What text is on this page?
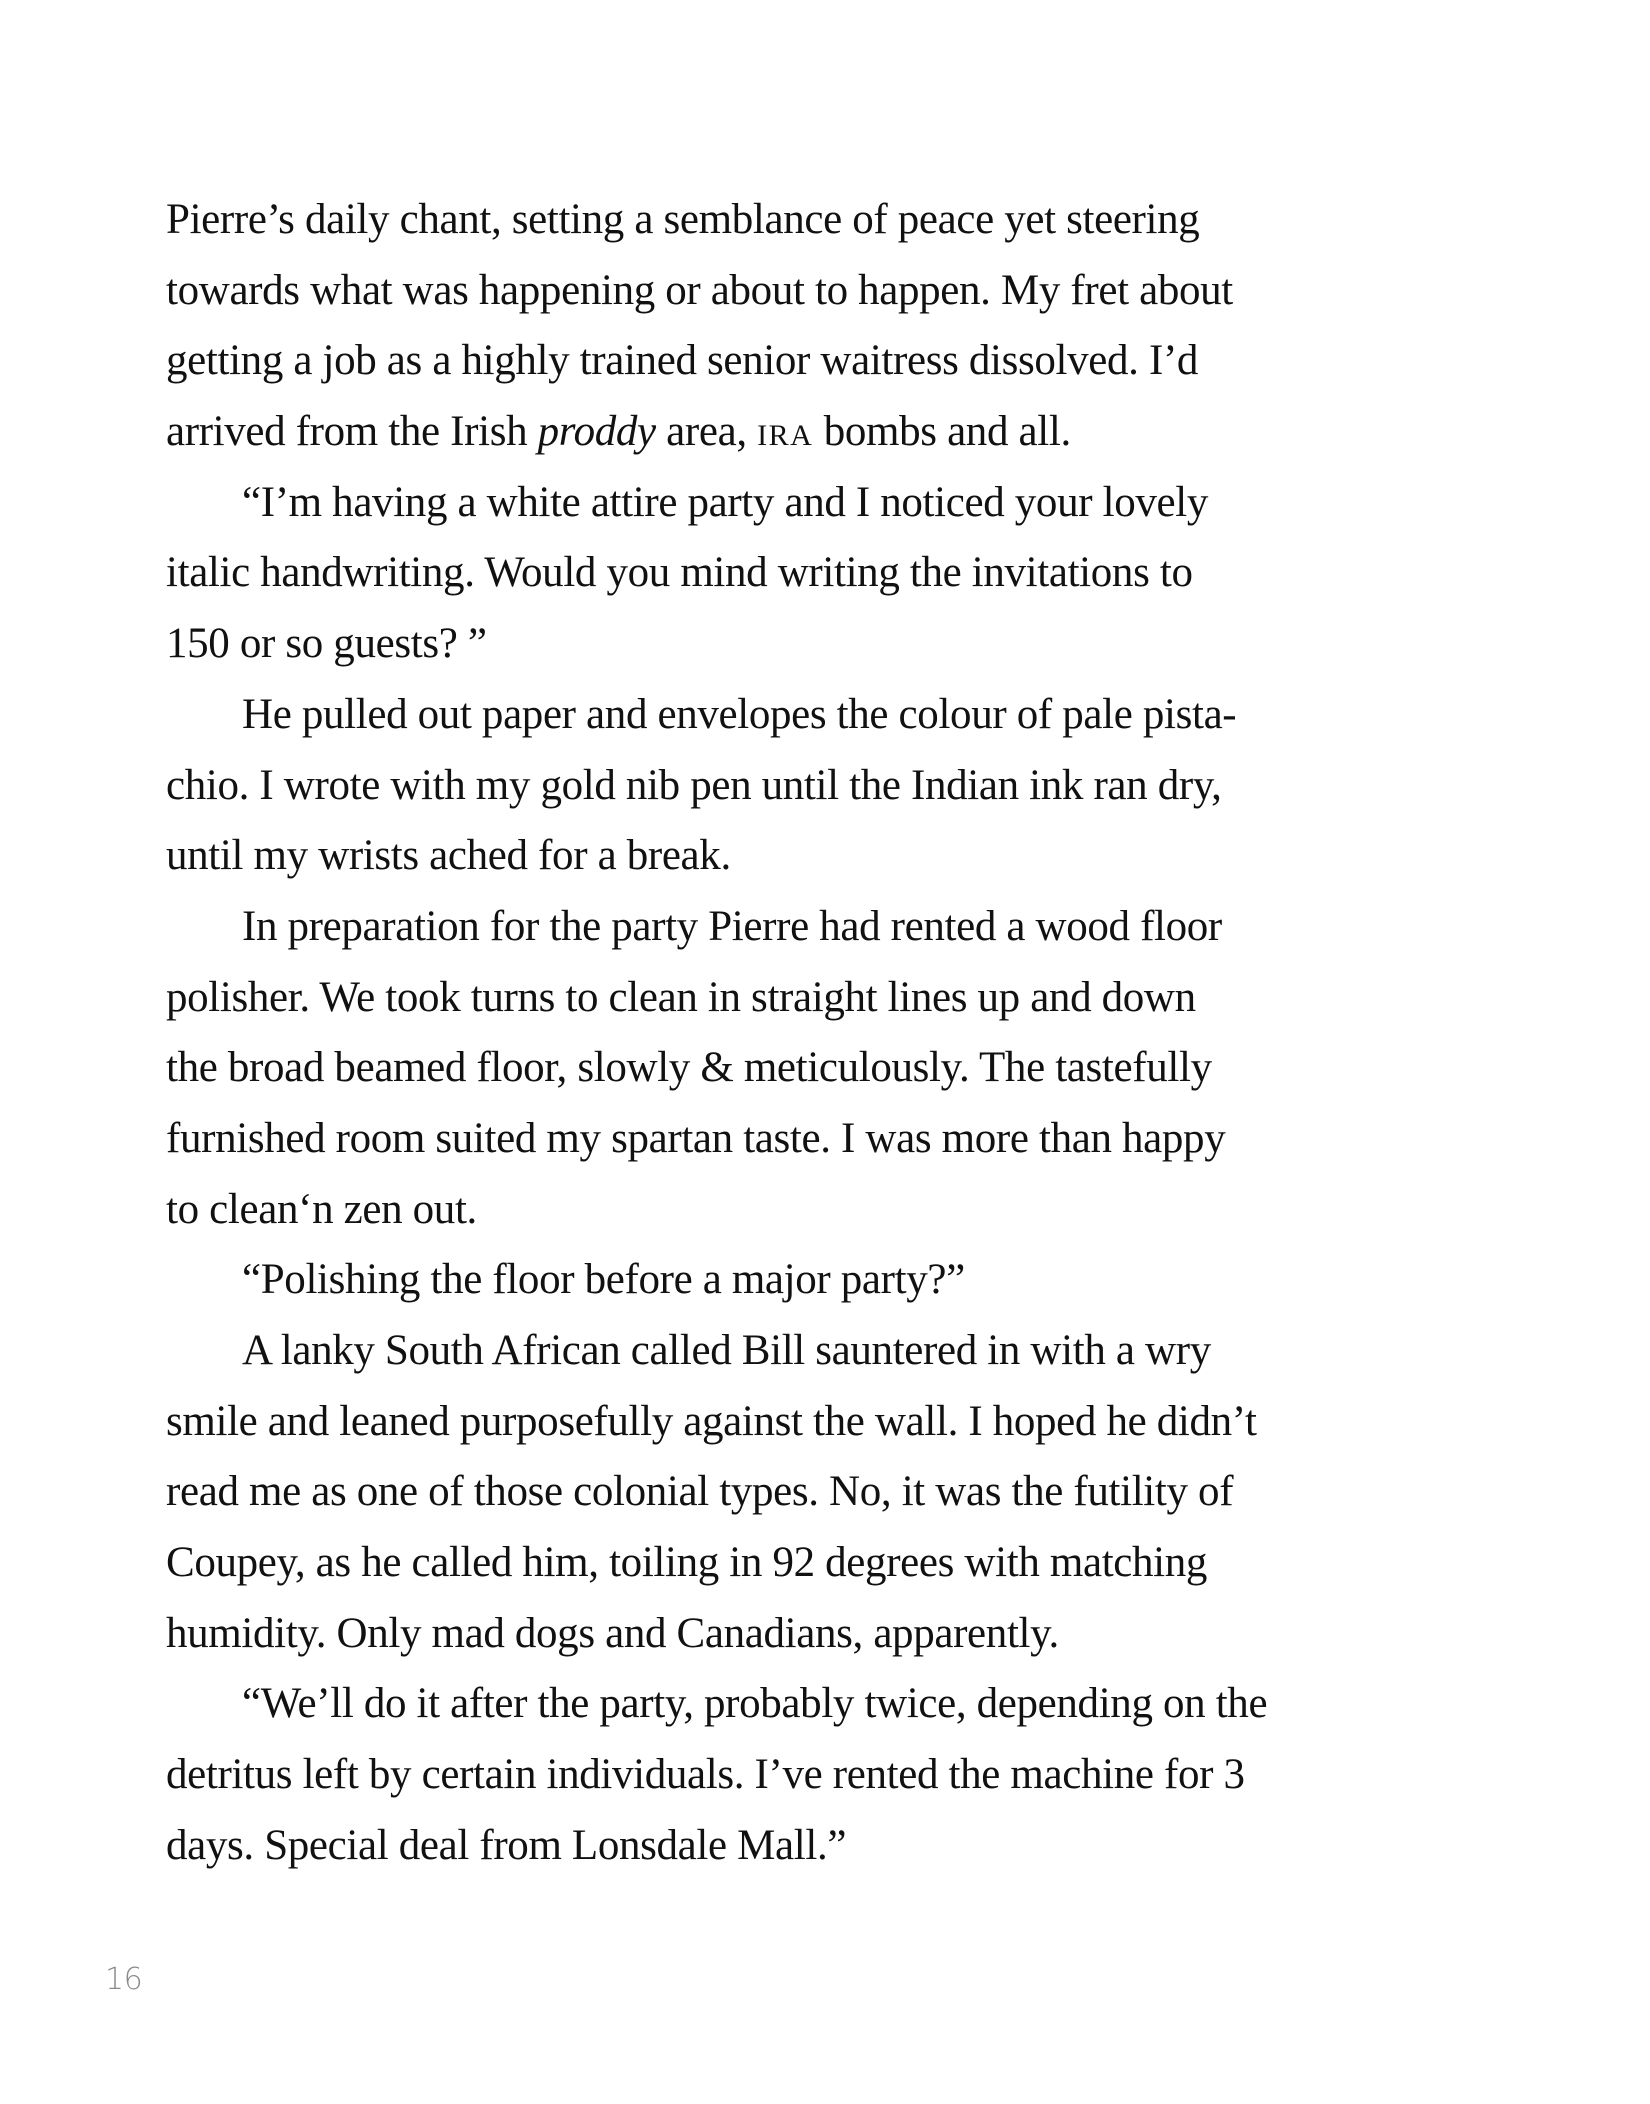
Pierre’s daily chant, setting a semblance of peace yet steering
towards what was happening or about to happen. My fret about
getting a job as a highly trained senior waitress dissolved. I’d
arrived from the Irish proddy area, ira bombs and all.
“I’m having a white attire party and I noticed your lovely
italic handwriting. Would you mind writing the invitations to
150 or so guests? ”
He pulled out paper and envelopes the colour of pale pista-
chio. I wrote with my gold nib pen until the Indian ink ran dry,
until my wrists ached for a break.
In preparation for the party Pierre had rented a wood floor
polisher. We took turns to clean in straight lines up and down
the broad beamed floor, slowly & meticulously. The tastefully
furnished room suited my spartan taste. I was more than happy
to clean‘n zen out.
“Polishing the floor before a major party?”
A lanky South African called Bill sauntered in with a wry
smile and leaned purposefully against the wall. I hoped he didn’t
read me as one of those colonial types. No, it was the futility of
Coupey, as he called him, toiling in 92 degrees with matching
humidity. Only mad dogs and Canadians, apparently.
“We’ll do it after the party, probably twice, depending on the
detritus left by certain individuals. I’ve rented the machine for 3
days. Special deal from Lonsdale Mall.”
16
